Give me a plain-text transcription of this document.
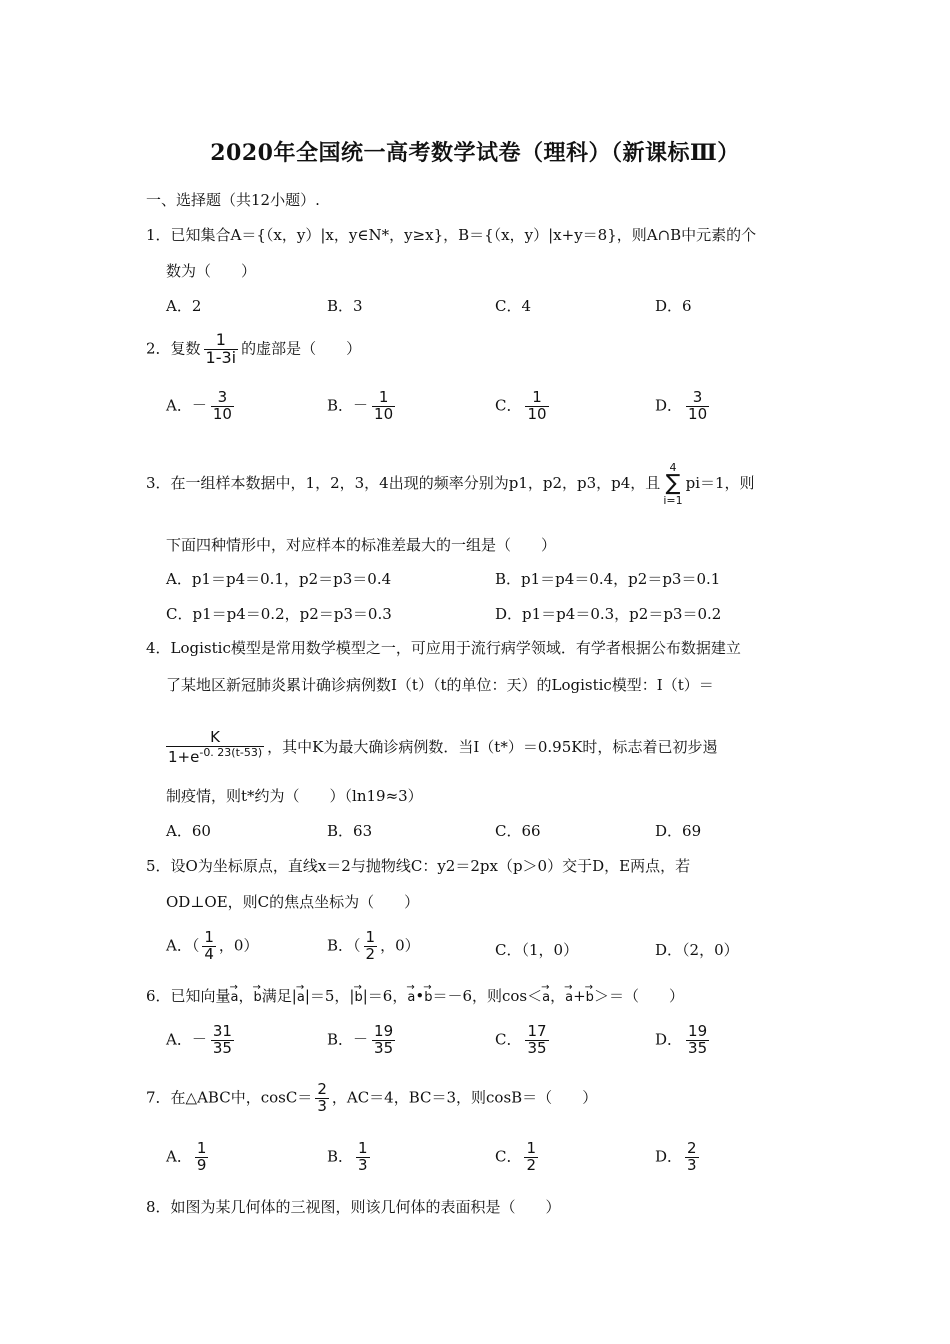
2020年全国统一高考数学试卷（理科）（新课标Ⅲ）
一、选择题（共12小题）.
1．已知集合A＝{（x，y）|x，y∈N*，y≥x}，B＝{（x，y）|x+y＝8}，则A∩B中元素的个
数为（　　）
A．2	B．3	C．4	D．6
2．复数 $\frac{1}{1-3i}$ 的虚部是（　　）
A．－ $\frac{3}{10}$	B．－ $\frac{1}{10}$	C． $\frac{1}{10}$	D． $\frac{3}{10}$
3．在一组样本数据中，1，2，3，4出现的频率分别为p1，p2，p3，p4，且
4
∑
i=1
pi＝1，则
下面四种情形中，对应样本的标准差最大的一组是（　　）
A．p1＝p4＝0.1，p2＝p3＝0.4	B．p1＝p4＝0.4，p2＝p3＝0.1
C．p1＝p4＝0.2，p2＝p3＝0.3	D．p1＝p4＝0.3，p2＝p3＝0.2
4．Logistic模型是常用数学模型之一，可应用于流行病学领域．有学者根据公布数据建立
了某地区新冠肺炎累计确诊病例数I（t）（t的单位：天）的Logistic模型：I（t）＝
$\frac{K}{1+e^{-0. 23(t-53)}}$ ，其中K为最大确诊病例数．当I（t*）＝0.95K时，标志着已初步遏
制疫情，则t*约为（　　）（ln19≈3）
A．60	B．63	C．66	D．69
5．设O为坐标原点，直线x＝2与抛物线C：y2＝2px（p＞0）交于D，E两点，若
OD⊥OE，则C的焦点坐标为（　　）
A．（ $\frac{1}{4}$ ，0）	B．（ $\frac{1}{2}$ ，0）	C．（1，0）	D．（2，0）
6．已知向量→ a，→ b满足|→ a|＝5，|→ b|＝6，→ a•→ b＝－6，则cos＜→ a，→ a+→ b＞＝（　　）
A．－ $\frac{31}{35}$	B．－ $\frac{19}{35}$	C． $\frac{17}{35}$	D． $\frac{19}{35}$
7．在△ABC中，$\cos C= \frac{2}{3}$ ，AC＝4，BC＝3，则cosB＝（　　）
A． $\frac{1}{9}$	B． $\frac{1}{3}$	C． $\frac{1}{2}$	D． $\frac{2}{3}$
8．如图为某几何体的三视图，则该几何体的表面积是（　　）
